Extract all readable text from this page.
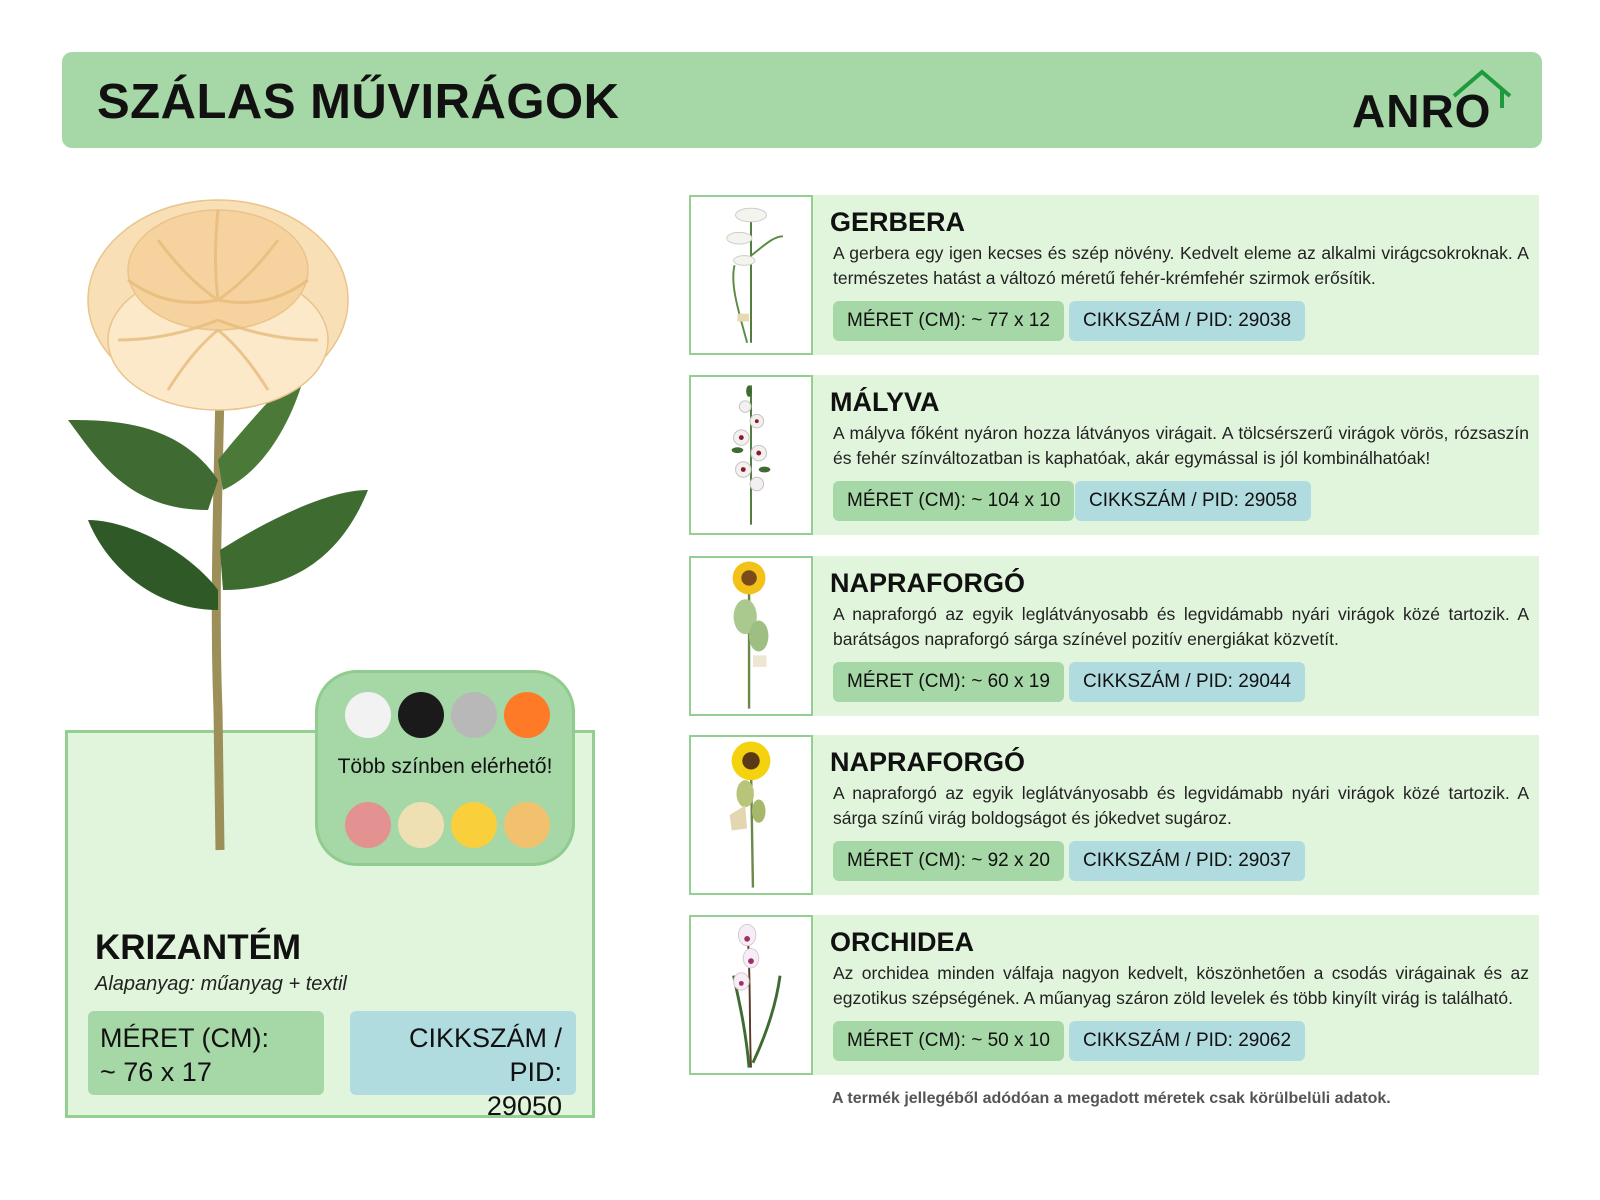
SZÁLAS MŰVIRÁGOK	ANRO
KRIZANTÉM
Alapanyag: műanyag + textil
MÉRET (CM):
~ 76 x 17
CIKKSZÁM / PID:
29050
Több színben elérhető!
GERBERA
A gerbera egy igen kecses és szép növény. Kedvelt eleme az alkalmi virágcsokroknak. A természetes hatást a változó méretű fehér-krémfehér szirmok erősítik.
MÉRET (CM): ~ 77 x 12	CIKKSZÁM / PID: 29038
MÁLYVA
A mályva főként nyáron hozza látványos virágait. A tölcsérszerű virágok vörös, rózsaszín és fehér színváltozatban is kaphatóak, akár egymással is jól kombinálhatóak!
MÉRET (CM): ~ 104 x 10	CIKKSZÁM / PID: 29058
NAPRAFORGÓ
A napraforgó az egyik leglátványosabb és legvidámabb nyári virágok közé tartozik. A barátságos napraforgó sárga színével pozitív energiákat közvetít.
MÉRET (CM): ~ 60 x 19	CIKKSZÁM / PID: 29044
NAPRAFORGÓ
A napraforgó az egyik leglátványosabb és legvidámabb nyári virágok közé tartozik. A sárga színű virág boldogságot és jókedvet sugároz.
MÉRET (CM): ~ 92 x 20	CIKKSZÁM / PID: 29037
ORCHIDEA
Az orchidea minden válfaja nagyon kedvelt, köszönhetően a csodás virágainak és az egzotikus szépségének. A műanyag száron zöld levelek és több kinyílt virág is található.
MÉRET (CM): ~ 50 x 10	CIKKSZÁM / PID: 29062
A termék jellegéből adódóan a megadott méretek csak körülbelüli adatok.
